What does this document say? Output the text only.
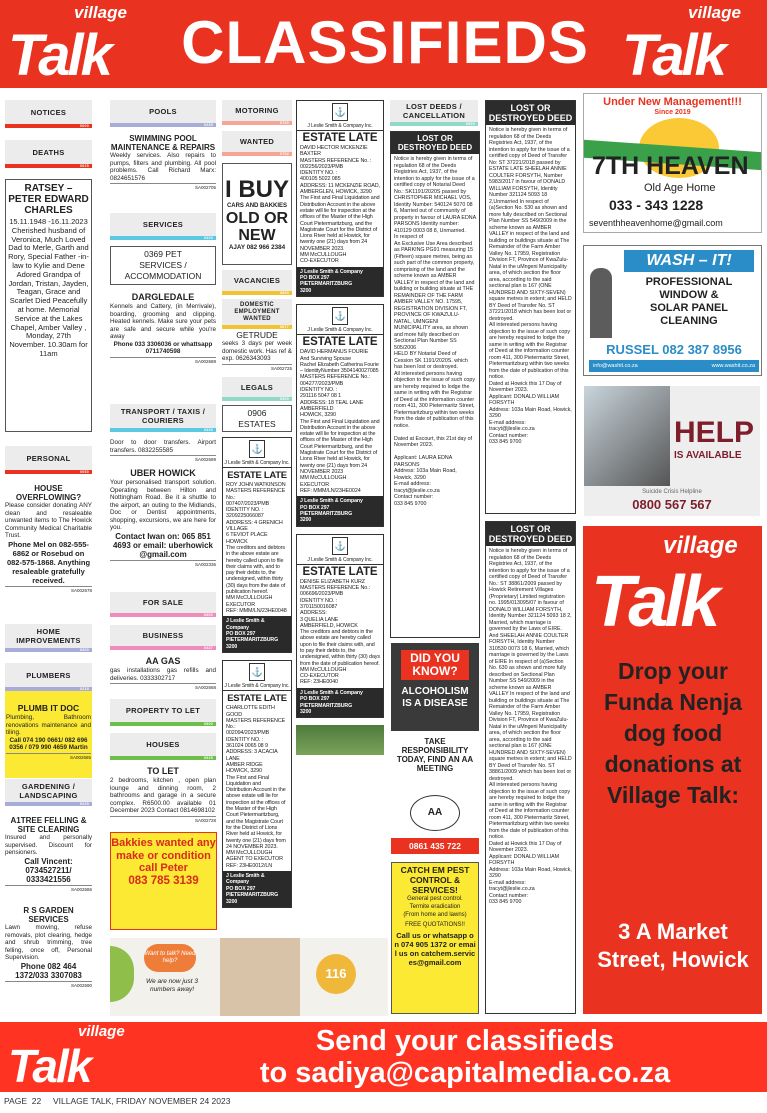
village
Talk	CLASSIFIEDS	village
Talk
NOTICES
0000
DEATHS
0025
RATSEY – PETER EDWARD CHARLES
15.11.1948 -16.11.2023 Cherished husband of Veronica, Much Loved Dad to Merle, Garth and Rory, Special Father -in-law to Kylie and Dene Adored Grandpa of Jordan, Tristan, Jayden, Teagan, Grace and Scarlet Died Peacefully at home. Memorial Service at the Lakes Chapel, Amber Valley , Monday, 27th November. 10.30am for 11am
PERSONAL
0050
HOUSE OVERFLOWING?
Please consider donating ANY clean and resaleable unwanted items to The Howick Community Medical Charitable Trust.
Phone Mel on 082-555-6862 or Rosebud on 082-575-1868. Anything resaleable gratefully received.
SA002678
HOME IMPROVEMENTS
0200
PLUMBERS
0215
PLUMB IT DOC
Plumbing, Bathroom renovations maintenance and tiling.
Call 074 190 0661/ 082 696 0356 / 079 990 4659 Martin
SA002685
GARDENING / LANDSCAPING
0225
A1TREE FELLING & SITE CLEARING
Insured and personally supervised. Discount for pensioners.
Call Vincent: 0734527211/ 0333421556
SA002686
R S GARDEN SERVICES
Lawn mowing, refuse removals, plot clearing, hedge and shrub trimming, tree felling, once off, Personal Supervision.
Phone 082 464 1372/033 3307083
SA002690
POOLS
0235
SWIMMING POOL MAINTENANCE & REPAIRS
Weekly services. Also repairs to pumps, filters and plumbing. All pool problems. Call Richard Marx: 0824651576
SA002705
SERVICES
0300
0369 PET SERVICES / ACCOMMODATION
DARGLEDALE
Kennels and Cattery, (in Merrivale), boarding, grooming and clipping. Heated kennels. Make sure your pets are safe and secure while you're away
Phone 033 3306036 or whattsapp 0711740598
SA002688
TRANSPORT / TAXIS / COURIERS
0330
Door to door transfers. Airport transfers. 0832255585
SA002689
UBER HOWICK
Your personalised transport solution. Operating between Hilton and Nottingham Road. Be it a shuttle to the airport, an outing to the Midlands, Doc or Dentist appointments, shopping, excursions, we are here for you.
Contact Iwan on: 065 851 4693 or email: uberhowick @gmail.com
SA002336
FOR SALE
0400
BUSINESS
0427
AA GAS
gas installations gas refills and deliveries. 0333302717
SA002668
PROPERTY TO LET
0500
HOUSES
0525
TO LET
2 bedrooms, kitchen , open plan lounge and dinning room, 2 bathrooms and garage in a secure complex. R6500.00 available 01 December 2023 Contact 0814698102
SA002728
Bakkies wanted any make or condition call Peter
083 785 3139
Want to talk? Need help?
We are now just 3 numbers away!
116
MOTORING
0700
WANTED
0702
I BUY
CARS AND BAKKIES
OLD OR NEW
AJAY 082 966 2384
VACANCIES
0800
DOMESTIC EMPLOYMENT WANTED
0877
GETRUDE
seeks 3 days per week domestic work. Has ref & exp. 0626343093
SA002725
LEGALS
0900
0906 ESTATES
⚓
J Leslie Smith & Company Inc.
ESTATE LATE
ROY JOHN WATKINSON
MASTERS REFERENCE No.:
007407/2023/PMB
IDENTITY NO. :
3209225066087
ADDRESS: 4 GRENICH VILLAGE
6 TEVIOT PLACE
HOWICK
The creditors and debtors in the above estate are hereby called upon to file their claims with, and to pay their debts to, the undersigned, within thirty (30) days from the date of publication hereof.
MM McCULLOUGH
EXECUTOR
REF: MMM/LN/23HE0048
J Leslie Smith & Company
PO BOX 297
PIETERMARITZBURG
3200
⚓
J Leslie Smith & Company Inc.
ESTATE LATE
CHARLOTTE EDITH GOOD
MASTERS REFERENCE No.:
002094/2023/PMB
IDENTITY NO. :
361024 0065 08 9
ADDRESS: 3 ACACIA LANE
AMBER RIDGE
HOWICK, 3290
The First and Final Liquidation and Distribution Account in the above estate will lie for inspection at the offices of the Master of the High Court Pietermaritzburg, and the Magistrate Court for the District of Lions River held at Howick, for twenty one (21) days from 24 NOVEMBER 2023.
MM McCULLOUGH
AGENT TO EXECUTOR
REF: 23HE0012/LN
J Leslie Smith & Company
PO BOX 297
PIETERMARITZBURG
3200
⚓
J Leslie Smith & Company Inc.
ESTATE LATE
DAVID HECTOR MCKENZIE BAXTER
MASTERS REFERENCE No. :
002256/2023/PMB
IDENTITY NO. :
400105 5022 085
ADDRESS: 11 MCKENZIE ROAD, AMBERGLEN, HOWICK, 3290
The First and Final Liquidation and Distribution Account in the above estate will lie for inspection at the offices of the Master of the High Court Pietermaritzburg, and the Magistrate Court for the District of Lions River held at Howick, for twenty one (21) days from 24 NOVEMBER 2023.
MM McCULLOUGH
CO-EXECUTOR
J Leslie Smith & Company
PO BOX 297
PIETERMARITZBURG
3200
⚓
J Leslie Smith & Company Inc.
ESTATE LATE
DAVID HERMANUS FOURIE
And Surviving Spouse
Rachel Elizabeth Catherina Fourie – IdentityNumber 3504140027085
MASTERS REFERENCE No.:
004277/2023/PMB
IDENTITY NO. :
291116 5047 08 1
ADDRESS: 18 TEAL LANE
AMBERFIELD
HOWICK, 3290
The First and Final Liquidation and Distribution Account in the above estate will lie for inspection at the offices of the Master of the High Court Pietermaritzburg, and the Magistrate Court for the District of Lions River held at Howick, for twenty one (21) days from 24 NOVEMBER 2023
MM McCULLOUGH
EXECUTOR
REF: MMM/LN/23HE0024
J Leslie Smith & Company
PO BOX 297
PIETERMARITZBURG
3200
⚓
J Leslie Smith & Company Inc.
ESTATE LATE
DENISE ELIZABETH KURZ
MASTERS REFERENCE No.:
006696/2023/PMB
IDENTITY NO. :
3701150016087
ADDRESS:
3 QUELIA LANE
AMBERFIELD, HOWICK
The creditors and debtors in the above estate are hereby called upon to file their claims with, and to pay their debts to, the undersigned, within thirty (30) days from the date of publication hereof.
MM McCULLOUGH
CO-EXECUTOR
REF: 23HE0040
J Leslie Smith & Company
PO BOX 297
PIETERMARITZBURG
3200
LOST DEEDS / CANCELLATION
0000
LOST OR DESTROYED DEED
Notice is hereby given in terms of regulation 68 of the Deeds Registries Act, 1937, of the intention to apply for the issue of a certified copy of Notarial Deed No.: SK1191/2020S passed by CHRISTOPHER MICHAEL VOS, Identity Number: 540124 5070 08 6, Married out of community of property in favour of LAURA EDNA PARSONS Identity number: 410129 0003 08 8, Unmarried.
In respect of
An Exclusive Use Area described as PARKING PG91 measuring 15 (Fifteen) square metres, being as such part of the common property, comprising of the land and the scheme known as AMBER VALLEY in respect of the land and building or building situate at THE REMAINDER OF THE FARM AMBER VALLEY NO. 17595, REGISTRATION DIVISION FT, PROVINCE OF KWAZULU-NATAL, UMNGENI MUNICIPALITY area, as shown and more fully described on Sectional Plan Number SS 505/2006
HELD BY Notarial Deed of Cession SK 1191/2020S. which has been lost or destroyed.
All interested persons having objection to the issue of such copy are hereby required to lodge the same in writing with the Registrar of Deed at the information counter room 411, 300 Pietermaritz Street, Pietermaritzburg within two weeks from the date of publication of this notice.

Dated at Escourt, this 21st day of November 2023.

Applicant: LAURA EDNA PARSONS
Address: 103a Main Road, Howick, 3290
E-mail address:
tracyt@jleslie.co.za
Contact number:
033 845 9700
DID YOU KNOW?
ALCOHOLISM
IS A DISEASE
TAKE RESPONSIBILITY TODAY, FIND AN AA MEETING
AA
0861 435 722
CATCH EM PEST CONTROL & SERVICES!
General pest control.
Termite eradication
(From home and lawns)
FREE QUOTATIONS!!
Call us or whatsapp on 074 905 1372 or email us on catchem.services@gmail.com
LOST OR DESTROYED DEED
Notice is hereby given in terms of regulation 68 of the Deeds Registries Act, 1937, of the intention to apply for the issue of a certified copy of Deed of Transfer No: ST 37221/2018 passed by ESTATE LATE SHEELAH ANNIE COULTER FORSYTH, Number 5983/2017 in favour of DONALD WILLIAM FORSYTH, Identity Number 321124 5093 18 2,Unmarried In respect of (a)Section No. 530 as shown and more fully described on Sectional Plan Number SS 549/2009 in the scheme known as AMBER VALLEY in respect of the land and building or buildings situate at The Remainder of the Farm Amber Valley No. 17959, Registration Division FT, Province of KwaZulu-Natal in the uMngeni Municipality area, of which section the floor area, according to the said sectional plan is 167 (ONE HUNDRED AND SIXTY-SEVEN) square metres in extent; and HELD BY Deed of Transfer No. ST 37221/2018 which has been lost or destroyed.
All interested persons having objection to the issue of such copy are hereby required to lodge the same in writing with the Registrar of Deed at the information counter room 411, 300 Pietermaritz Street, Pietermaritzburg within two weeks from the date of publication of this notice.
Dated at Howick this 17 Day of November 2023.
Applicant: DONALD WILLIAM FORSYTH
Address: 103a Main Road, Howick, 3290
E-mail address:
tracyt@jleslie.co.za
Contact number:
033 845 9700
LOST OR DESTROYED DEED
Notice is hereby given in terms of regulation 68 of the Deeds Registries Act, 1937, of the intention to apply for the issue of a certified copy of Deed of Transfer No.: ST 38861/2009 passed by Howick Retirement Villages (Proprietary) Limited registration no. 1995/013095/07 in favour of DONALD WILLIAM FORSYTH, Identity Number 321124 5093 18 2, Married, which marriage is governed by the Laws of EIRE.
And SHEELAH ANNIE COULTER FORSYTH, Identity Number 310530 0073 18 6, Married, which marriage is governed by the Laws of EIRE In respect of (a)Section No. 630 as shown and more fully described on Sectional Plan Number SS 549/2009 in the scheme known as AMBER VALLEY In respect of the land and building or buildings situate at The Remainder of the Farm Amber Valley No. 17959, Registration Division FT, Province of KwaZulu-Natal in the uMngeni Municipality area, of which section the floor area, according to the said sectional plan is 167 (ONE HUNDRED AND SIXTY-SEVEN) square metres in extent; and HELD BY Deed of Transfer No. ST 38861/2009 which has been lost or destroyed.
All interested persons having objection to the issue of such copy are hereby required to lodge the same in writing with the Registrar of Deed at the information counter room 411, 300 Pietermaritz Street, Pietermaritzburg within two weeks from the date of publication of this notice.
Dated at Howick this 17 Day of November 2023.
Applicant: DONALD WILLIAM FORSYTH
Address: 103a Main Road, Howick, 3290
E-mail address:
tracyt@jleslie.co.za
Contact number:
033 845 9700
Under New Management!!!
Since 2019
7TH HEAVEN
Old Age Home
033 - 343 1228
seventhheavenhome@gmail.com
WASH – IT!
PROFESSIONAL
WINDOW &
SOLAR PANEL
CLEANING
RUSSEL 082 387 8956
info@washit.co.za	www.washit.co.za
HELP
IS AVAILABLE
Suicide Crisis Helpline
0800 567 567
village
Talk
Drop your Funda Nenja dog food donations at Village Talk:
3 A Market Street, Howick
village
Talk	Send your classifieds
to sadiya@capitalmedia.co.za
PAGE  22 VILLAGE TALK, FRIDAY NOVEMBER 24 2023
